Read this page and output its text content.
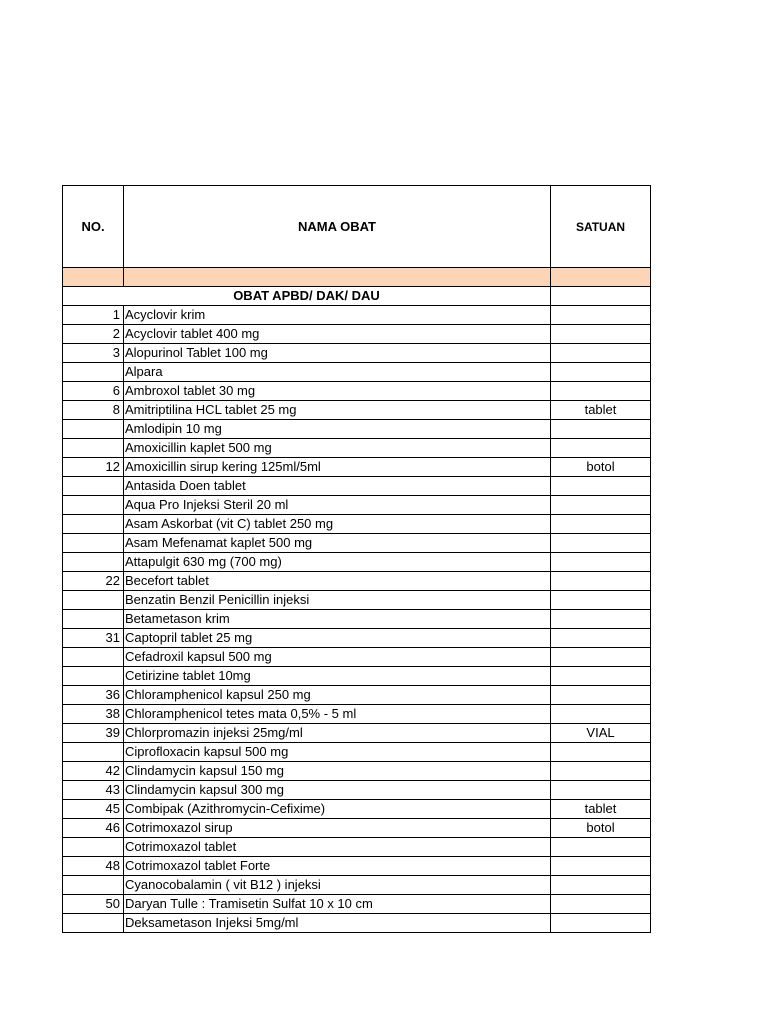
NO.	NAMA OBAT	SATUAN

OBAT APBD/ DAK/ DAU		
1	Acyclovir krim	
2	Acyclovir tablet 400 mg	
3	Alopurinol Tablet 100 mg	
	Alpara	
6	Ambroxol tablet 30 mg	
8	Amitriptilina HCL tablet 25 mg	tablet
	Amlodipin 10 mg	
	Amoxicillin kaplet 500 mg	
12	Amoxicillin sirup kering 125ml/5ml	botol
	Antasida Doen tablet	
	Aqua Pro Injeksi Steril 20 ml	
	Asam Askorbat (vit C) tablet 250 mg	
	Asam Mefenamat kaplet 500 mg	
	Attapulgit 630 mg (700 mg)	
22	Becefort tablet	
	Benzatin Benzil Penicillin injeksi	
	Betametason krim	
31	Captopril tablet 25 mg	
	Cefadroxil kapsul 500 mg	
	Cetirizine tablet 10mg	
36	Chloramphenicol kapsul 250 mg	
38	Chloramphenicol tetes mata 0,5% - 5 ml	
39	Chlorpromazin injeksi 25mg/ml	VIAL
	Ciprofloxacin kapsul 500 mg	
42	Clindamycin kapsul 150 mg	
43	Clindamycin kapsul 300 mg	
45	Combipak (Azithromycin-Cefixime)	tablet
46	Cotrimoxazol sirup	botol
	Cotrimoxazol tablet	
48	Cotrimoxazol tablet Forte	
	Cyanocobalamin ( vit B12 ) injeksi	
50	Daryan Tulle : Tramisetin Sulfat 10 x 10 cm	
	Deksametason Injeksi 5mg/ml	
